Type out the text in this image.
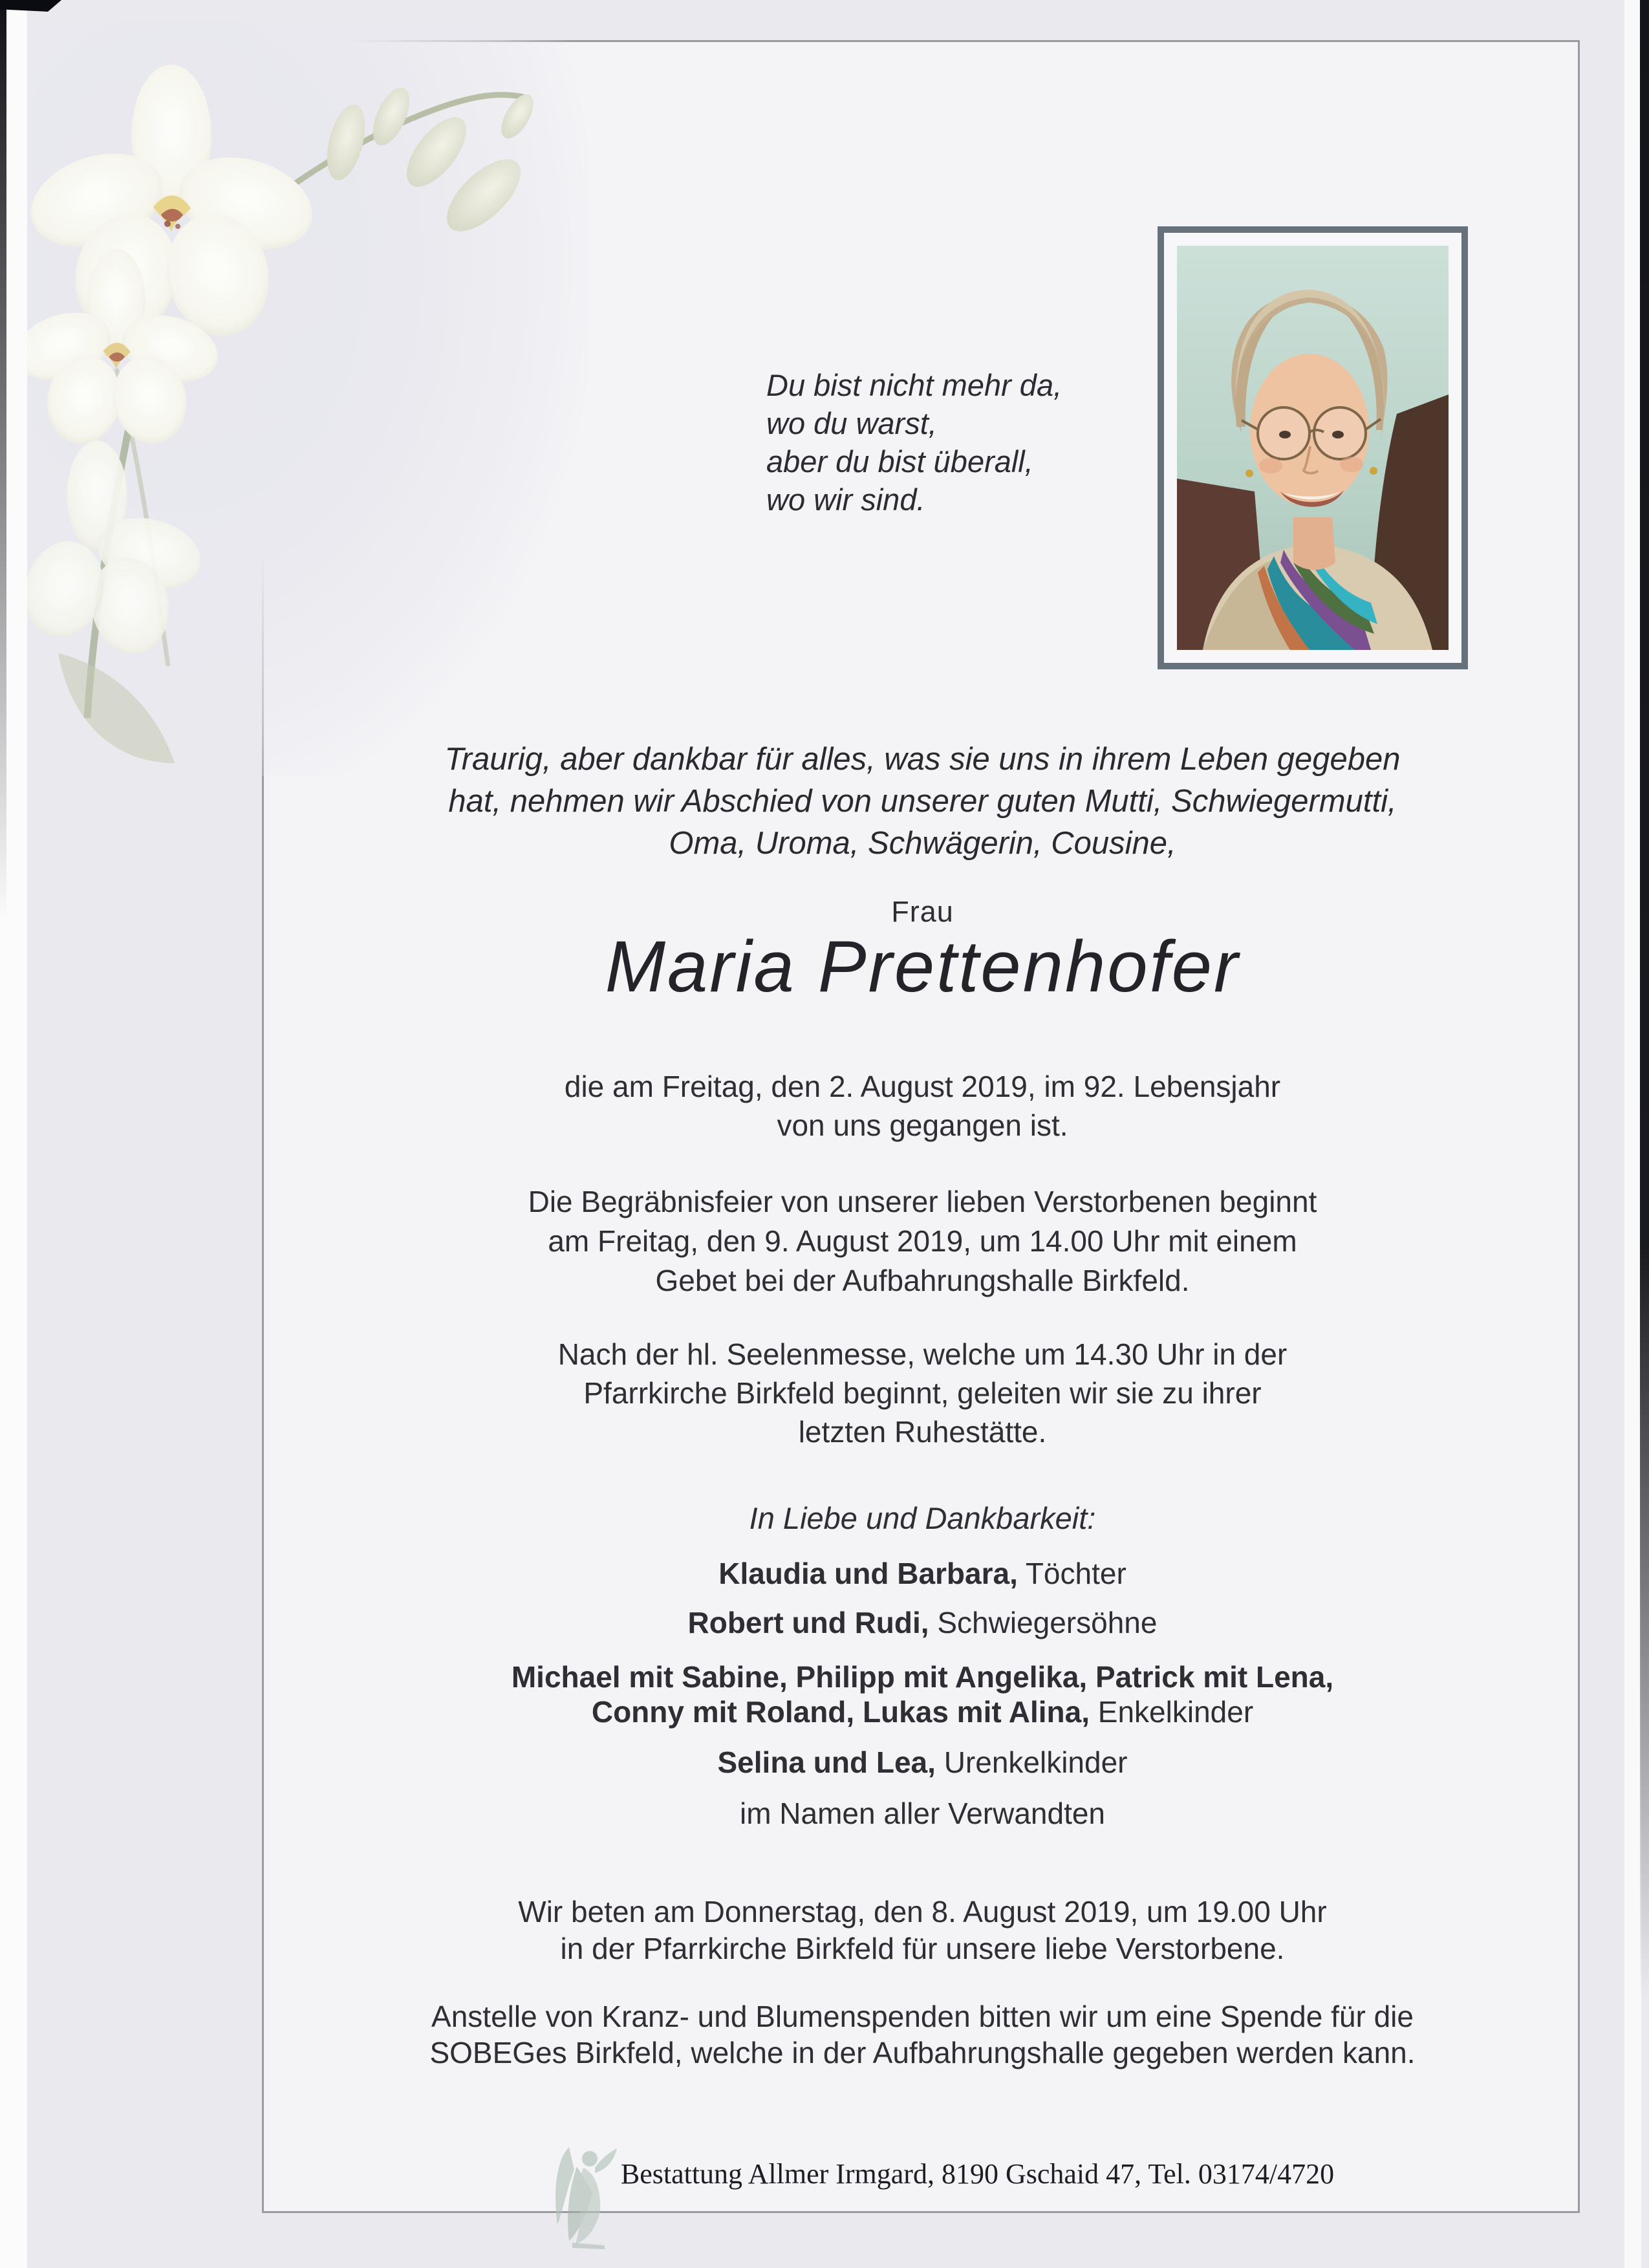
Du bist nicht mehr da,
wo du warst,
aber du bist überall,
wo wir sind.
Traurig, aber dankbar für alles, was sie uns in ihrem Leben gegeben
hat, nehmen wir Abschied von unserer guten Mutti, Schwiegermutti,
Oma, Uroma, Schwägerin, Cousine,
Frau
Maria Prettenhofer
die am Freitag, den 2. August 2019, im 92. Lebensjahr
von uns gegangen ist.
Die Begräbnisfeier von unserer lieben Verstorbenen beginnt
am Freitag, den 9. August 2019, um 14.00 Uhr mit einem
Gebet bei der Aufbahrungshalle Birkfeld.
Nach der hl. Seelenmesse, welche um 14.30 Uhr in der
Pfarrkirche Birkfeld beginnt, geleiten wir sie zu ihrer
letzten Ruhestätte.
In Liebe und Dankbarkeit:
Klaudia und Barbara, Töchter
Robert und Rudi, Schwiegersöhne
Michael mit Sabine, Philipp mit Angelika, Patrick mit Lena,
Conny mit Roland, Lukas mit Alina, Enkelkinder
Selina und Lea, Urenkelkinder
im Namen aller Verwandten
Wir beten am Donnerstag, den 8. August 2019, um 19.00 Uhr
in der Pfarrkirche Birkfeld für unsere liebe Verstorbene.
Anstelle von Kranz- und Blumenspenden bitten wir um eine Spende für die
SOBEGes Birkfeld, welche in der Aufbahrungshalle gegeben werden kann.
Bestattung Allmer Irmgard, 8190 Gschaid 47, Tel. 03174/4720
